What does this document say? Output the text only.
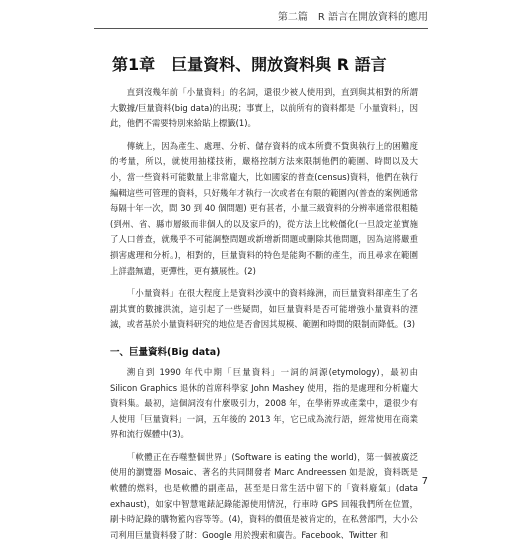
第二篇　R 語言在開放資料的應用
第1章　巨量資料、開放資料與 R 語言

直到沒幾年前「小量資料」的名詞，還很少被人使用到，直到與其相對的所謂大數據/巨量資料(big data)的出現；事實上，以前所有的資料都是「小量資料」，因此，他們不需要特別來給貼上標籤(1)。

傳統上，因為產生、處理、分析、儲存資料的成本所費不貲與執行上的困難度的考量，所以，就使用抽樣技術，嚴格控制方法來限制他們的範圍、時間以及大小，當一些資料可能數量上非常龐大，比如國家的普查(census)資料，他們在執行編輯這些可管理的資料，只好幾年才執行一次或者在有限的範圍內(普查的案例通常每隔十年一次，間 30 到 40 個問題) 更有甚者，小量三級資料的分辨率通常很粗糙(到州、省、縣市層級而非個人的以及家戶的)，從方法上比較僵化(一旦設定並實施了人口普查，就幾乎不可能調整問題或新增新問題或刪除其他問題，因為這將嚴重損害處理和分析。)，相對的，巨量資料的特色是能夠不斷的產生，而且尋求在範圍上詳盡無遺，更彈性，更有擴展性。(2)

「小量資料」在很大程度上是資料沙漠中的資料綠洲，而巨量資料卻產生了名副其實的數據洪流，這引起了一些疑問，如巨量資料是否可能增強小量資料的湮滅，或者基於小量資料研究的地位是否會因其規模、範圍和時間的限制而降低。(3)

一、巨量資料(Big data)

溯自到 1990 年代中期「巨量資料」一詞的詞源(etymology)，最初由 Silicon Graphics 退休的首席科學家 John Mashey 使用，指的是處理和分析龐大資料集。最初，這個詞沒有什麼吸引力，2008 年，在學術界或產業中，還很少有人使用「巨量資料」一詞，五年後的 2013 年，它已成為流行語，經常使用在商業界和流行媒體中(3)。

「軟體正在吞噬整個世界」(Software is eating the world)，第一個被廣泛使用的瀏覽器 Mosaic、著名的共同開發者 Marc Andreessen 如是說，資料既是軟體的燃料，也是軟體的副產品，甚至是日常生活中留下的「資料廢氣」(data exhaust)，如家中智慧電錶記錄能源使用情況，行車時 GPS 回報我們所在位置，刷卡時記錄的購物籃內容等等。(4)，資料的價值是被肯定的，在私營部門，大小公司利用巨量資料發了財：Google 用於搜索和廣告。Facebook、Twitter 和

7
